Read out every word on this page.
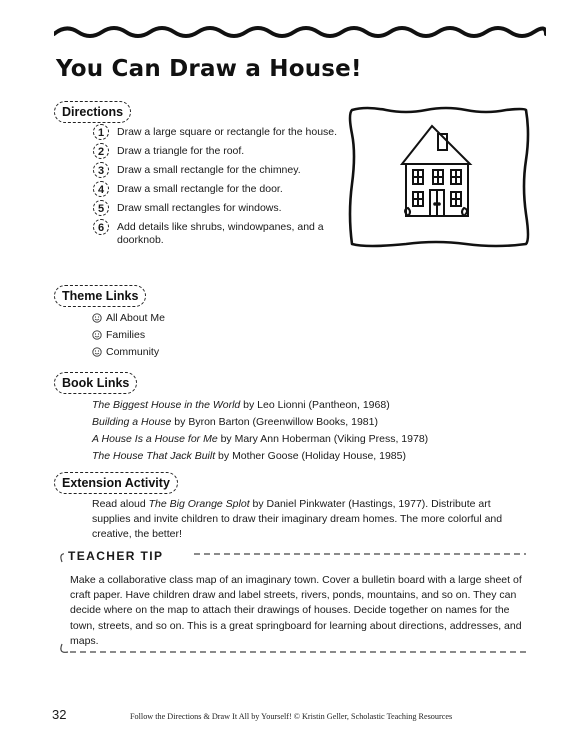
You Can Draw a House!
Directions
1	Draw a large square or rectangle for the house.
2	Draw a triangle for the roof.
3	Draw a small rectangle for the chimney.
4	Draw a small rectangle for the door.
5	Draw small rectangles for windows.
6	Add details like shrubs, windowpanes, and a doorknob.
Theme Links
All About Me
Families
Community
Book Links
The Biggest House in the World by Leo Lionni (Pantheon, 1968)
Building a House by Byron Barton (Greenwillow Books, 1981)
A House Is a House for Me by Mary Ann Hoberman (Viking Press, 1978)
The House That Jack Built by Mother Goose (Holiday House, 1985)
Extension Activity
Read aloud The Big Orange Splot by Daniel Pinkwater (Hastings, 1977). Distribute art supplies and invite children to draw their imaginary dream homes. The more colorful and creative, the better!
TEACHER TIP
Make a collaborative class map of an imaginary town. Cover a bulletin board with a large sheet of craft paper. Have children draw and label streets, rivers, ponds, mountains, and so on. They can decide where on the map to attach their drawings of houses. Decide together on names for the town, streets, and so on. This is a great springboard for learning about directions, addresses, and maps.
32	Follow the Directions & Draw It All by Yourself! © Kristin Geller, Scholastic Teaching Resources
